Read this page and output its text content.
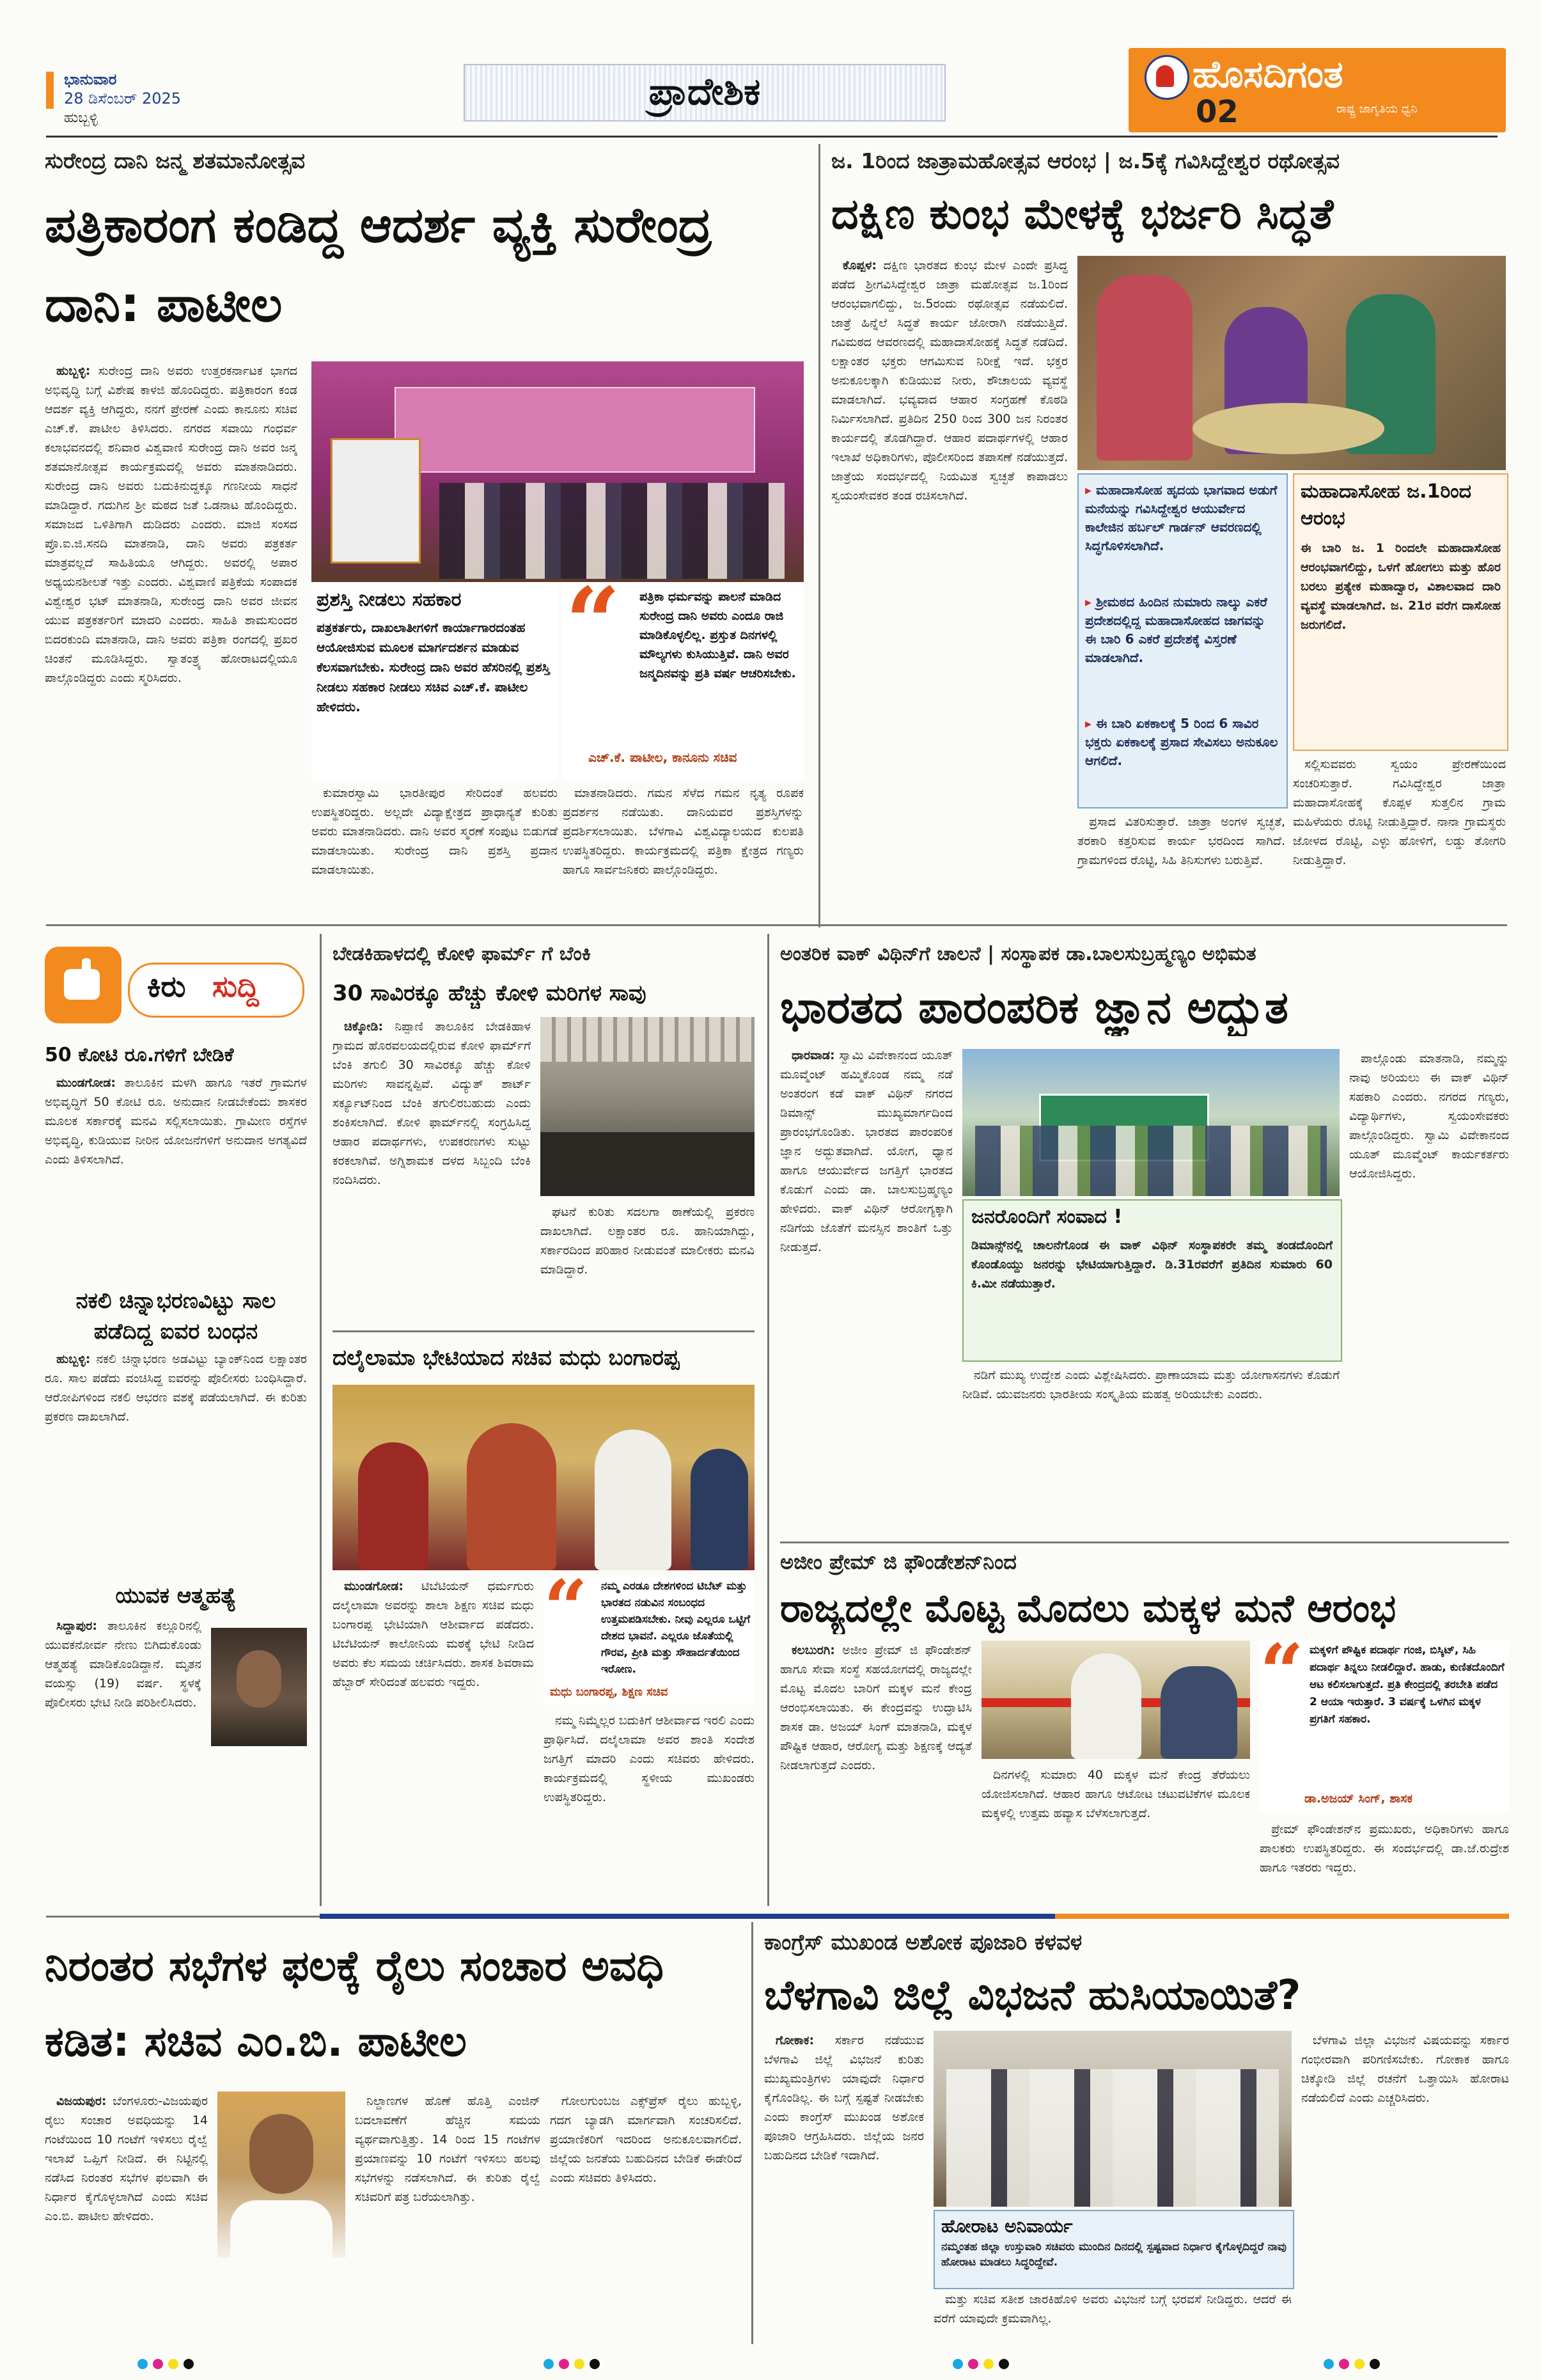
ಭಾನುವಾರ
28 ಡಿಸೆಂಬರ್ 2025
ಹುಬ್ಬಳ್ಳಿ
ಪ್ರಾದೇಶಿಕ	ಹೊಸದಿಗಂತ
ರಾಷ್ಟ್ರ ಜಾಗೃತಿಯ ಧ್ವನಿ
02
ಸುರೇಂದ್ರ ದಾನಿ ಜನ್ಮ ಶತಮಾನೋತ್ಸವ
ಪತ್ರಿಕಾರಂಗ ಕಂಡಿದ್ದ ಆದರ್ಶ ವ್ಯಕ್ತಿ ಸುರೇಂದ್ರ ದಾನಿ: ಪಾಟೀಲ

ಹುಬ್ಬಳ್ಳಿ: ಸುರೇಂದ್ರ ದಾನಿ ಅವರು ಉತ್ತರಕರ್ನಾಟಕ ಭಾಗದ ಅಭಿವೃದ್ಧಿ ಬಗ್ಗೆ ವಿಶೇಷ ಕಾಳಜಿ ಹೊಂದಿದ್ದರು. ಪತ್ರಿಕಾರಂಗ ಕಂಡ ಆದರ್ಶ ವ್ಯಕ್ತಿ ಆಗಿದ್ದರು, ನನಗೆ ಪ್ರೇರಣೆ ಎಂದು ಕಾನೂನು ಸಚಿವ ಎಚ್.ಕೆ. ಪಾಟೀಲ ತಿಳಿಸಿದರು. ನಗರದ ಸವಾಯಿ ಗಂಧರ್ವ ಕಲಾಭವನದಲ್ಲಿ ಶನಿವಾರ ವಿಶ್ವವಾಣಿ ಸುರೇಂದ್ರ ದಾನಿ ಅವರ ಜನ್ಮ ಶತಮಾನೋತ್ಸವ ಕಾರ್ಯಕ್ರಮದಲ್ಲಿ ಅವರು ಮಾತನಾಡಿದರು. ಸುರೇಂದ್ರ ದಾನಿ ಅವರು ಬದುಕಿನುದ್ದಕ್ಕೂ ಗಣನೀಯ ಸಾಧನೆ ಮಾಡಿದ್ದಾರೆ. ಗದುಗಿನ ಶ್ರೀ ಮಠದ ಜತೆ ಒಡನಾಟ ಹೊಂದಿದ್ದರು. ಸಮಾಜದ ಒಳಿತಿಗಾಗಿ ದುಡಿದರು ಎಂದರು. ಮಾಜಿ ಸಂಸದ ಪ್ರೊ.ಐ.ಜಿ.ಸನದಿ ಮಾತನಾಡಿ, ದಾನಿ ಅವರು ಪತ್ರಕರ್ತ ಮಾತ್ರವಲ್ಲದೆ ಸಾಹಿತಿಯೂ ಆಗಿದ್ದರು. ಅವರಲ್ಲಿ ಅಪಾರ ಅಧ್ಯಯನಶೀಲತೆ ಇತ್ತು ಎಂದರು. ವಿಶ್ವವಾಣಿ ಪತ್ರಿಕೆಯ ಸಂಪಾದಕ ವಿಶ್ವೇಶ್ವರ ಭಟ್ ಮಾತನಾಡಿ, ಸುರೇಂದ್ರ ದಾನಿ ಅವರ ಜೀವನ ಯುವ ಪತ್ರಕರ್ತರಿಗೆ ಮಾದರಿ ಎಂದರು. ಸಾಹಿತಿ ಶಾಮಸುಂದರ ಬಿದರಕುಂದಿ ಮಾತನಾಡಿ, ದಾನಿ ಅವರು ಪತ್ರಿಕಾ ರಂಗದಲ್ಲಿ ಪ್ರಖರ ಚಿಂತನೆ ಮೂಡಿಸಿದ್ದರು. ಸ್ವಾತಂತ್ರ್ಯ ಹೋರಾಟದಲ್ಲಿಯೂ ಪಾಲ್ಗೊಂಡಿದ್ದರು ಎಂದು ಸ್ಮರಿಸಿದರು.

ಪ್ರಶಸ್ತಿ ನೀಡಲು ಸಹಕಾರ
ಪತ್ರಕರ್ತರು, ದಾಖಲಾತೀಗಳಿಗೆ ಕಾರ್ಯಾಗಾರದಂತಹ ಆಯೋಜಿಸುವ ಮೂಲಕ ಮಾರ್ಗದರ್ಶನ ಮಾಡುವ ಕೆಲಸವಾಗಬೇಕು. ಸುರೇಂದ್ರ ದಾನಿ ಅವರ ಹೆಸರಿನಲ್ಲಿ ಪ್ರಶಸ್ತಿ ನೀಡಲು ಸಹಕಾರ ನೀಡಲು ಸಚಿವ ಎಚ್.ಕೆ. ಪಾಟೀಲ ಹೇಳಿದರು.
“ ಪತ್ರಿಕಾ ಧರ್ಮವನ್ನು ಪಾಲನೆ ಮಾಡಿದ ಸುರೇಂದ್ರ ದಾನಿ ಅವರು ಎಂದೂ ರಾಜಿ ಮಾಡಿಕೊಳ್ಳಲಿಲ್ಲ. ಪ್ರಸ್ತುತ ದಿನಗಳಲ್ಲಿ ಮೌಲ್ಯಗಳು ಕುಸಿಯುತ್ತಿವೆ. ದಾನಿ ಅವರ ಜನ್ಮದಿನವನ್ನು ಪ್ರತಿ ವರ್ಷ ಆಚರಿಸಬೇಕು.
ಎಚ್.ಕೆ. ಪಾಟೀಲ, ಕಾನೂನು ಸಚಿವ

ಕುಮಾರಸ್ವಾಮಿ ಭಾರತೀಪುರ ಸೇರಿದಂತೆ ಹಲವರು ಉಪಸ್ಥಿತರಿದ್ದರು. ಅಲ್ಲದೇ ವಿದ್ಯಾಕ್ಷೇತ್ರದ ಪ್ರಾಧಾನ್ಯತೆ ಕುರಿತು ಅವರು ಮಾತನಾಡಿದರು. ದಾನಿ ಅವರ ಸ್ಮರಣೆ ಸಂಪುಟ ಬಿಡುಗಡೆ ಮಾಡಲಾಯಿತು. ಸುರೇಂದ್ರ ದಾನಿ ಪ್ರಶಸ್ತಿ ಪ್ರದಾನ ಮಾಡಲಾಯಿತು.

ಮಾತನಾಡಿದರು. ಗಮನ ಸೆಳೆದ ಗಮನ ನೃತ್ಯ ರೂಪಕ ಪ್ರದರ್ಶನ ನಡೆಯಿತು. ದಾನಿಯವರ ಪ್ರಶಸ್ತಿಗಳನ್ನು ಪ್ರದರ್ಶಿಸಲಾಯಿತು. ಬೆಳಗಾವಿ ವಿಶ್ವವಿದ್ಯಾಲಯದ ಕುಲಪತಿ ಉಪಸ್ಥಿತರಿದ್ದರು. ಕಾರ್ಯಕ್ರಮದಲ್ಲಿ ಪತ್ರಿಕಾ ಕ್ಷೇತ್ರದ ಗಣ್ಯರು ಹಾಗೂ ಸಾರ್ವಜನಿಕರು ಪಾಲ್ಗೊಂಡಿದ್ದರು.

ಜ. 1ರಿಂದ ಜಾತ್ರಾಮಹೋತ್ಸವ ಆರಂಭ | ಜ.5ಕ್ಕೆ ಗವಿಸಿದ್ದೇಶ್ವರ ರಥೋತ್ಸವ
ದಕ್ಷಿಣ ಕುಂಭ ಮೇಳಕ್ಕೆ ಭರ್ಜರಿ ಸಿದ್ಧತೆ

ಕೊಪ್ಪಳ: ದಕ್ಷಿಣ ಭಾರತದ ಕುಂಭ ಮೇಳ ಎಂದೇ ಪ್ರಸಿದ್ಧ ಪಡೆದ ಶ್ರೀಗವಿಸಿದ್ದೇಶ್ವರ ಜಾತ್ರಾ ಮಹೋತ್ಸವ ಜ.1ರಿಂದ ಆರಂಭವಾಗಲಿದ್ದು, ಜ.5ರಂದು ರಥೋತ್ಸವ ನಡೆಯಲಿದೆ. ಜಾತ್ರೆ ಹಿನ್ನೆಲೆ ಸಿದ್ಧತೆ ಕಾರ್ಯ ಜೋರಾಗಿ ನಡೆಯುತ್ತಿದೆ. ಗವಿಮಠದ ಆವರಣದಲ್ಲಿ ಮಹಾದಾಸೋಹಕ್ಕೆ ಸಿದ್ಧತೆ ನಡೆದಿದೆ. ಲಕ್ಷಾಂತರ ಭಕ್ತರು ಆಗಮಿಸುವ ನಿರೀಕ್ಷೆ ಇದೆ. ಭಕ್ತರ ಅನುಕೂಲಕ್ಕಾಗಿ ಕುಡಿಯುವ ನೀರು, ಶೌಚಾಲಯ ವ್ಯವಸ್ಥೆ ಮಾಡಲಾಗಿದೆ. ಭವ್ಯವಾದ ಆಹಾರ ಸಂಗ್ರಹಣೆ ಕೊಠಡಿ ನಿರ್ಮಿಸಲಾಗಿದೆ. ಪ್ರತಿದಿನ 250 ರಿಂದ 300 ಜನ ನಿರಂತರ ಕಾರ್ಯದಲ್ಲಿ ತೊಡಗಿದ್ದಾರೆ. ಆಹಾರ ಪದಾರ್ಥಗಳಲ್ಲಿ ಆಹಾರ ಇಲಾಖೆ ಅಧಿಕಾರಿಗಳು, ಪೊಲೀಸರಿಂದ ತಪಾಸಣೆ ನಡೆಯುತ್ತದೆ. ಜಾತ್ರೆಯ ಸಂದರ್ಭದಲ್ಲಿ ನಿಯಮಿತ ಸ್ವಚ್ಛತೆ ಕಾಪಾಡಲು ಸ್ವಯಂಸೇವಕರ ತಂಡ ರಚಿಸಲಾಗಿದೆ.	▸ ಮಹಾದಾಸೋಹ ಹೃದಯ ಭಾಗವಾದ ಅಡುಗೆ ಮನೆಯನ್ನು ಗವಿಸಿದ್ದೇಶ್ವರ ಆಯುರ್ವೇದ ಕಾಲೇಜಿನ ಹರ್ಬಲ್ ಗಾರ್ಡನ್ ಆವರಣದಲ್ಲಿ ಸಿದ್ಧಗೊಳಿಸಲಾಗಿದೆ.
▸ ಶ್ರೀಮಠದ ಹಿಂದಿನ ನುಮಾರು ನಾಲ್ಕು ಎಕರೆ ಪ್ರದೇಶದಲ್ಲಿದ್ದ ಮಹಾದಾಸೋಹದ ಜಾಗವನ್ನು ಈ ಬಾರಿ 6 ಎಕರೆ ಪ್ರದೇಶಕ್ಕೆ ವಿಸ್ತರಣೆ ಮಾಡಲಾಗಿದೆ.
▸ ಈ ಬಾರಿ ಏಕಕಾಲಕ್ಕೆ 5 ರಿಂದ 6 ಸಾವಿರ ಭಕ್ತರು ಏಕಕಾಲಕ್ಕೆ ಪ್ರಸಾದ ಸೇವಿಸಲು ಅನುಕೂಲ ಆಗಲಿದೆ.
ಮಹಾದಾಸೋಹ ಜ.1ರಿಂದ ಆರಂಭ
ಈ ಬಾರಿ ಜ. 1 ರಿಂದಲೇ ಮಹಾದಾಸೋಹ ಆರಂಭವಾಗಲಿದ್ದು, ಒಳಗೆ ಹೋಗಲು ಮತ್ತು ಹೊರ ಬರಲು ಪ್ರತ್ಯೇಕ ಮಹಾದ್ವಾರ, ವಿಶಾಲವಾದ ದಾರಿ ವ್ಯವಸ್ಥೆ ಮಾಡಲಾಗಿದೆ. ಜ. 21ರ ವರೆಗ ದಾಸೋಹ ಜರುಗಲಿದೆ.

ಪ್ರಸಾದ ವಿತರಿಸುತ್ತಾರೆ. ಜಾತ್ರಾ ಅಂಗಳ ಸ್ವಚ್ಛತೆ, ತರಕಾರಿ ಕತ್ತರಿಸುವ ಕಾರ್ಯ ಭರದಿಂದ ಸಾಗಿದೆ. ಗ್ರಾಮಗಳಿಂದ ರೊಟ್ಟಿ, ಸಿಹಿ ತಿನಿಸುಗಳು ಬರುತ್ತಿವೆ.

ಸಲ್ಲಿಸುವವರು ಸ್ವಯಂ ಪ್ರೇರಣೆಯಿಂದ ಸಂಚರಿಸುತ್ತಾರೆ. ಗವಿಸಿದ್ದೇಶ್ವರ ಜಾತ್ರಾ ಮಹಾದಾಸೋಹಕ್ಕೆ ಕೊಪ್ಪಳ ಸುತ್ತಲಿನ ಗ್ರಾಮ ಮಹಿಳೆಯರು ರೊಟ್ಟಿ ನೀಡುತ್ತಿದ್ದಾರೆ. ನಾನಾ ಗ್ರಾಮಸ್ಥರು ಜೋಳದ ರೊಟ್ಟಿ, ಎಳ್ಳು ಹೋಳಿಗೆ, ಲಡ್ಡು ತೋಗರಿ ನೀಡುತ್ತಿದ್ದಾರೆ.

ಕಿರು ಸುದ್ದಿ
50 ಕೋಟಿ ರೂ.ಗಳಿಗೆ ಬೇಡಿಕೆ

ಮುಂಡಗೋಡ: ತಾಲೂಕಿನ ಮಳಗಿ ಹಾಗೂ ಇತರೆ ಗ್ರಾಮಗಳ ಅಭಿವೃದ್ಧಿಗೆ 50 ಕೋಟಿ ರೂ. ಅನುದಾನ ನೀಡಬೇಕೆಂದು ಶಾಸಕರ ಮೂಲಕ ಸರ್ಕಾರಕ್ಕೆ ಮನವಿ ಸಲ್ಲಿಸಲಾಯಿತು. ಗ್ರಾಮೀಣ ರಸ್ತೆಗಳ ಅಭಿವೃದ್ಧಿ, ಕುಡಿಯುವ ನೀರಿನ ಯೋಜನೆಗಳಿಗೆ ಅನುದಾನ ಅಗತ್ಯವಿದೆ ಎಂದು ತಿಳಿಸಲಾಗಿದೆ.

ನಕಲಿ ಚಿನ್ನಾಭರಣವಿಟ್ಟು ಸಾಲ ಪಡೆದಿದ್ದ ಐವರ ಬಂಧನ

ಹುಬ್ಬಳ್ಳಿ: ನಕಲಿ ಚಿನ್ನಾಭರಣ ಅಡವಿಟ್ಟು ಬ್ಯಾಂಕ್‌ನಿಂದ ಲಕ್ಷಾಂತರ ರೂ. ಸಾಲ ಪಡೆದು ವಂಚಿಸಿದ್ದ ಐವರನ್ನು ಪೊಲೀಸರು ಬಂಧಿಸಿದ್ದಾರೆ. ಆರೋಪಿಗಳಿಂದ ನಕಲಿ ಆಭರಣ ವಶಕ್ಕೆ ಪಡೆಯಲಾಗಿದೆ. ಈ ಕುರಿತು ಪ್ರಕರಣ ದಾಖಲಾಗಿದೆ.

ಯುವಕ ಆತ್ಮಹತ್ಯೆ

ಸಿದ್ದಾಪುರ: ತಾಲೂಕಿನ ಕಲ್ಲೂರಿನಲ್ಲಿ ಯುವಕನೋರ್ವ ನೇಣು ಬಿಗಿದುಕೊಂಡು ಆತ್ಮಹತ್ಯೆ ಮಾಡಿಕೊಂಡಿದ್ದಾನೆ. ಮೃತನ ವಯಸ್ಸು (19) ವರ್ಷ. ಸ್ಥಳಕ್ಕೆ ಪೊಲೀಸರು ಭೇಟಿ ನೀಡಿ ಪರಿಶೀಲಿಸಿದರು.

ಬೇಡಕಿಹಾಳದಲ್ಲಿ ಕೋಳಿ ಫಾರ್ಮ್ ಗೆ ಬೆಂಕಿ
30 ಸಾವಿರಕ್ಕೂ ಹೆಚ್ಚು ಕೋಳಿ ಮರಿಗಳ ಸಾವು

ಚಿಕ್ಕೋಡಿ: ನಿಪ್ಪಾಣಿ ತಾಲೂಕಿನ ಬೇಡಕಿಹಾಳ ಗ್ರಾಮದ ಹೊರವಲಯದಲ್ಲಿರುವ ಕೋಳಿ ಫಾರ್ಮ್‌ಗೆ ಬೆಂಕಿ ತಗುಲಿ 30 ಸಾವಿರಕ್ಕೂ ಹೆಚ್ಚು ಕೋಳಿ ಮರಿಗಳು ಸಾವನ್ನಪ್ಪಿವೆ. ವಿದ್ಯುತ್ ಶಾರ್ಟ್ ಸರ್ಕ್ಯೂಟ್‌ನಿಂದ ಬೆಂಕಿ ತಗುಲಿರಬಹುದು ಎಂದು ಶಂಕಿಸಲಾಗಿದೆ. ಕೋಳಿ ಫಾರ್ಮ್‌ನಲ್ಲಿ ಸಂಗ್ರಹಿಸಿದ್ದ ಆಹಾರ ಪದಾರ್ಥಗಳು, ಉಪಕರಣಗಳು ಸುಟ್ಟು ಕರಕಲಾಗಿವೆ. ಅಗ್ನಿಶಾಮಕ ದಳದ ಸಿಬ್ಬಂದಿ ಬೆಂಕಿ ನಂದಿಸಿದರು.

ಘಟನೆ ಕುರಿತು ಸದಲಗಾ ಠಾಣೆಯಲ್ಲಿ ಪ್ರಕರಣ ದಾಖಲಾಗಿದೆ. ಲಕ್ಷಾಂತರ ರೂ. ಹಾನಿಯಾಗಿದ್ದು, ಸರ್ಕಾರದಿಂದ ಪರಿಹಾರ ನೀಡುವಂತೆ ಮಾಲೀಕರು ಮನವಿ ಮಾಡಿದ್ದಾರೆ.

ದಲೈಲಾಮಾ ಭೇಟಿಯಾದ ಸಚಿವ ಮಧು ಬಂಗಾರಪ್ಪ

ಮುಂಡಗೋಡ: ಟಿಬೆಟಿಯನ್ ಧರ್ಮಗುರು ದಲೈಲಾಮಾ ಅವರನ್ನು ಶಾಲಾ ಶಿಕ್ಷಣ ಸಚಿವ ಮಧು ಬಂಗಾರಪ್ಪ ಭೇಟಿಯಾಗಿ ಆಶೀರ್ವಾದ ಪಡೆದರು. ಟಿಬೆಟಿಯನ್ ಕಾಲೋನಿಯ ಮಠಕ್ಕೆ ಭೇಟಿ ನೀಡಿದ ಅವರು ಕೆಲ ಸಮಯ ಚರ್ಚಿಸಿದರು. ಶಾಸಕ ಶಿವರಾಮ ಹೆಬ್ಬಾರ್ ಸೇರಿದಂತೆ ಹಲವರು ಇದ್ದರು.

“ ನಮ್ಮ ಎರಡೂ ದೇಶಗಳಿಂದ ಟಿಬೆಟ್ ಮತ್ತು ಭಾರತದ ನಡುವಿನ ಸಂಬಂಧದ ಉತ್ತಮಪಡಿಸಬೇಕು. ನೀವು ಎಲ್ಲರೂ ಒಟ್ಟಿಗೆ ದೇಶದ ಭಾವನೆ. ಎಲ್ಲರೂ ಜೊತೆಯಲ್ಲಿ ಗೌರವ, ಪ್ರೀತಿ ಮತ್ತು ಸೌಹಾರ್ದತೆಯಿಂದ ಇರೋಣ.
ಮಧು ಬಂಗಾರಪ್ಪ, ಶಿಕ್ಷಣ ಸಚಿವ

ನಮ್ಮ ನಿಮ್ಮೆಲ್ಲರ ಬದುಕಿಗೆ ಆಶೀರ್ವಾದ ಇರಲಿ ಎಂದು ಪ್ರಾರ್ಥಿಸಿದೆ. ದಲೈಲಾಮಾ ಅವರ ಶಾಂತಿ ಸಂದೇಶ ಜಗತ್ತಿಗೆ ಮಾದರಿ ಎಂದು ಸಚಿವರು ಹೇಳಿದರು. ಕಾರ್ಯಕ್ರಮದಲ್ಲಿ ಸ್ಥಳೀಯ ಮುಖಂಡರು ಉಪಸ್ಥಿತರಿದ್ದರು.

ಅಂತರಿಕ ವಾಕ್ ವಿಥಿನ್‌ಗೆ ಚಾಲನೆ | ಸಂಸ್ಥಾಪಕ ಡಾ.ಬಾಲಸುಬ್ರಹ್ಮಣ್ಯಂ ಅಭಿಮತ
ಭಾರತದ ಪಾರಂಪರಿಕ ಜ್ಞಾನ ಅದ್ಭುತ

ಧಾರವಾಡ: ಸ್ವಾಮಿ ವಿವೇಕಾನಂದ ಯೂತ್ ಮೂವ್ಮೆಂಟ್ ಹಮ್ಮಿಕೊಂಡ ನಮ್ಮ ನಡೆ ಅಂತರಂಗ ಕಡೆ ವಾಕ್ ವಿಥಿನ್ ನಗರದ ಡಿಮಾನ್ಸ್ ಮುಖ್ಯಮಾರ್ಗದಿಂದ ಪ್ರಾರಂಭಗೊಂಡಿತು. ಭಾರತದ ಪಾರಂಪರಿಕ ಜ್ಞಾನ ಅದ್ಭುತವಾಗಿದೆ. ಯೋಗ, ಧ್ಯಾನ ಹಾಗೂ ಆಯುರ್ವೇದ ಜಗತ್ತಿಗೆ ಭಾರತದ ಕೊಡುಗೆ ಎಂದು ಡಾ. ಬಾಲಸುಬ್ರಹ್ಮಣ್ಯಂ ಹೇಳಿದರು. ವಾಕ್ ವಿಥಿನ್ ಆರೋಗ್ಯಕ್ಕಾಗಿ ನಡಿಗೆಯ ಜೊತೆಗೆ ಮನಸ್ಸಿನ ಶಾಂತಿಗೆ ಒತ್ತು ನೀಡುತ್ತದೆ.

ಜನರೊಂದಿಗೆ ಸಂವಾದ !
ಡಿಮಾನ್ಸ್‌ನಲ್ಲಿ ಚಾಲನೆಗೊಂಡ ಈ ವಾಕ್ ವಿಥಿನ್ ಸಂಸ್ಥಾಪಕರೇ ತಮ್ಮ ತಂಡದೊಂದಿಗೆ ಕೊಂಡೊಯ್ದು ಜನರನ್ನು ಭೇಟಿಯಾಗುತ್ತಿದ್ದಾರೆ. ಡಿ.31ರವರೆಗೆ ಪ್ರತಿದಿನ ಸುಮಾರು 60 ಕಿ.ಮೀ ನಡೆಯುತ್ತಾರೆ.

ನಡಿಗೆ ಮುಖ್ಯ ಉದ್ದೇಶ ಎಂದು ವಿಶ್ಲೇಷಿಸಿದರು. ಪ್ರಾಣಾಯಾಮ ಮತ್ತು ಯೋಗಾಸನಗಳು ಕೊಡುಗೆ ನೀಡಿವೆ. ಯುವಜನರು ಭಾರತೀಯ ಸಂಸ್ಕೃತಿಯ ಮಹತ್ವ ಅರಿಯಬೇಕು ಎಂದರು.

ಪಾಲ್ಗೊಂಡು ಮಾತನಾಡಿ, ನಮ್ಮನ್ನು ನಾವು ಅರಿಯಲು ಈ ವಾಕ್ ವಿಥಿನ್ ಸಹಕಾರಿ ಎಂದರು. ನಗರದ ಗಣ್ಯರು, ವಿದ್ಯಾರ್ಥಿಗಳು, ಸ್ವಯಂಸೇವಕರು ಪಾಲ್ಗೊಂಡಿದ್ದರು. ಸ್ವಾಮಿ ವಿವೇಕಾನಂದ ಯೂತ್ ಮೂವ್ಮೆಂಟ್ ಕಾರ್ಯಕರ್ತರು ಆಯೋಜಿಸಿದ್ದರು.

ಅಜೀಂ ಪ್ರೇಮ್ ಜಿ ಫೌಂಡೇಶನ್‌ನಿಂದ
ರಾಜ್ಯದಲ್ಲೇ ಮೊಟ್ಟ ಮೊದಲು ಮಕ್ಕಳ ಮನೆ ಆರಂಭ

ಕಲಬುರಗಿ: ಅಜೀಂ ಪ್ರೇಮ್ ಜಿ ಫೌಂಡೇಶನ್ ಹಾಗೂ ಸೇವಾ ಸಂಸ್ಥೆ ಸಹಯೋಗದಲ್ಲಿ ರಾಜ್ಯದಲ್ಲೇ ಮೊಟ್ಟ ಮೊದಲ ಬಾರಿಗೆ ಮಕ್ಕಳ ಮನೆ ಕೇಂದ್ರ ಆರಂಭಿಸಲಾಯಿತು. ಈ ಕೇಂದ್ರವನ್ನು ಉದ್ಘಾಟಿಸಿ ಶಾಸಕ ಡಾ. ಅಜಯ್ ಸಿಂಗ್ ಮಾತನಾಡಿ, ಮಕ್ಕಳ ಪೌಷ್ಟಿಕ ಆಹಾರ, ಆರೋಗ್ಯ ಮತ್ತು ಶಿಕ್ಷಣಕ್ಕೆ ಆದ್ಯತೆ ನೀಡಲಾಗುತ್ತದೆ ಎಂದರು.

ದಿನಗಳಲ್ಲಿ ಸುಮಾರು 40 ಮಕ್ಕಳ ಮನೆ ಕೇಂದ್ರ ತೆರೆಯಲು ಯೋಜಿಸಲಾಗಿದೆ. ಆಹಾರ ಹಾಗೂ ಆಟೋಟ ಚಟುವಟಿಕೆಗಳ ಮೂಲಕ ಮಕ್ಕಳಲ್ಲಿ ಉತ್ತಮ ಹವ್ಯಾಸ ಬೆಳೆಸಲಾಗುತ್ತದೆ.

“ ಮಕ್ಕಳಿಗೆ ಪೌಷ್ಟಿಕ ಪದಾರ್ಥ ಗಂಜಿ, ಬಿಸ್ಕಿಟ್, ಸಿಹಿ ಪದಾರ್ಥ ತಿನ್ನಲು ನೀಡಲಿದ್ದಾರೆ. ಹಾಡು, ಕುಣಿತದೊಂದಿಗೆ ಆಟ ಕಲಿಸಲಾಗುತ್ತದೆ. ಪ್ರತಿ ಕೇಂದ್ರದಲ್ಲಿ ತರಬೇತಿ ಪಡೆದ 2 ಆಯಾ ಇರುತ್ತಾರೆ. 3 ವರ್ಷಕ್ಕೆ ಒಳಗಿನ ಮಕ್ಕಳ ಪ್ರಗತಿಗೆ ಸಹಕಾರ.
ಡಾ.ಅಜಯ್ ಸಿಂಗ್, ಶಾಸಕ

ಪ್ರೇಮ್ ಫೌಂಡೇಶನ್‌ನ ಪ್ರಮುಖರು, ಅಧಿಕಾರಿಗಳು ಹಾಗೂ ಪಾಲಕರು ಉಪಸ್ಥಿತರಿದ್ದರು. ಈ ಸಂದರ್ಭದಲ್ಲಿ ಡಾ.ಜೆ.ರುದ್ರೇಶ ಹಾಗೂ ಇತರರು ಇದ್ದರು.

ನಿರಂತರ ಸಭೆಗಳ ಫಲಕ್ಕೆ ರೈಲು ಸಂಚಾರ ಅವಧಿ ಕಡಿತ: ಸಚಿವ ಎಂ.ಬಿ. ಪಾಟೀಲ

ವಿಜಯಪುರ: ಬೆಂಗಳೂರು-ವಿಜಯಪುರ ರೈಲು ಸಂಚಾರ ಅವಧಿಯನ್ನು 14 ಗಂಟೆಯಿಂದ 10 ಗಂಟೆಗೆ ಇಳಿಸಲು ರೈಲ್ವೆ ಇಲಾಖೆ ಒಪ್ಪಿಗೆ ನೀಡಿದೆ. ಈ ನಿಟ್ಟಿನಲ್ಲಿ ನಡೆಸಿದ ನಿರಂತರ ಸಭೆಗಳ ಫಲವಾಗಿ ಈ ನಿರ್ಧಾರ ಕೈಗೊಳ್ಳಲಾಗಿದೆ ಎಂದು ಸಚಿವ ಎಂ.ಬಿ. ಪಾಟೀಲ ಹೇಳಿದರು.

ನಿಲ್ದಾಣಗಳ ಹೊಣೆ ಹೊತ್ತಿ ಎಂಜಿನ್ ಬದಲಾವಣೆಗೆ ಹೆಚ್ಚಿನ ಸಮಯ ವ್ಯರ್ಥವಾಗುತ್ತಿತ್ತು. 14 ರಿಂದ 15 ಗಂಟೆಗಳ ಪ್ರಯಾಣವನ್ನು 10 ಗಂಟೆಗೆ ಇಳಿಸಲು ಹಲವು ಸಭೆಗಳನ್ನು ನಡೆಸಲಾಗಿದೆ. ಈ ಕುರಿತು ರೈಲ್ವೆ ಸಚಿವರಿಗೆ ಪತ್ರ ಬರೆಯಲಾಗಿತ್ತು.

ಗೋಲಗುಂಬಜ ಎಕ್ಸ್‌ಪ್ರೆಸ್ ರೈಲು ಹುಬ್ಬಳ್ಳಿ, ಗದಗ ಬ್ಯಾಡಗಿ ಮಾರ್ಗವಾಗಿ ಸಂಚರಿಸಲಿದೆ. ಪ್ರಯಾಣಿಕರಿಗೆ ಇದರಿಂದ ಅನುಕೂಲವಾಗಲಿದೆ. ಜಿಲ್ಲೆಯ ಜನತೆಯ ಬಹುದಿನದ ಬೇಡಿಕೆ ಈಡೇರಿದೆ ಎಂದು ಸಚಿವರು ತಿಳಿಸಿದರು.

ಕಾಂಗ್ರೆಸ್ ಮುಖಂಡ ಅಶೋಕ ಪೂಜಾರಿ ಕಳವಳ
ಬೆಳಗಾವಿ ಜಿಲ್ಲೆ ವಿಭಜನೆ ಹುಸಿಯಾಯಿತೆ?

ಗೋಕಾಕ: ಸರ್ಕಾರ ನಡೆಯುವ ಬೆಳಗಾವಿ ಜಿಲ್ಲೆ ವಿಭಜನೆ ಕುರಿತು ಮುಖ್ಯಮಂತ್ರಿಗಳು ಯಾವುದೇ ನಿರ್ಧಾರ ಕೈಗೊಂಡಿಲ್ಲ. ಈ ಬಗ್ಗೆ ಸ್ಪಷ್ಟತೆ ನೀಡಬೇಕು ಎಂದು ಕಾಂಗ್ರೆಸ್ ಮುಖಂಡ ಅಶೋಕ ಪೂಜಾರಿ ಆಗ್ರಹಿಸಿದರು. ಜಿಲ್ಲೆಯ ಜನರ ಬಹುದಿನದ ಬೇಡಿಕೆ ಇದಾಗಿದೆ.

ಹೋರಾಟ ಅನಿವಾರ್ಯ
ನಮ್ಮಂತಹ ಜಿಲ್ಲಾ ಉಸ್ತುವಾರಿ ಸಚಿವರು ಮುಂದಿನ ದಿನದಲ್ಲಿ ಸ್ಪಷ್ಟವಾದ ನಿರ್ಧಾರ ಕೈಗೊಳ್ಳದಿದ್ದರೆ ನಾವು ಹೋರಾಟ ಮಾಡಲು ಸಿದ್ಧರಿದ್ದೇವೆ.

ಮತ್ತು ಸಚಿವ ಸತೀಶ ಜಾರಕಿಹೊಳಿ ಅವರು ವಿಭಜನೆ ಬಗ್ಗೆ ಭರವಸೆ ನೀಡಿದ್ದರು. ಆದರೆ ಈ ವರೆಗೆ ಯಾವುದೇ ಕ್ರಮವಾಗಿಲ್ಲ.

ಬೆಳಗಾವಿ ಜಿಲ್ಲಾ ವಿಭಜನೆ ವಿಷಯವನ್ನು ಸರ್ಕಾರ ಗಂಭೀರವಾಗಿ ಪರಿಗಣಿಸಬೇಕು. ಗೋಕಾಕ ಹಾಗೂ ಚಿಕ್ಕೋಡಿ ಜಿಲ್ಲೆ ರಚನೆಗೆ ಒತ್ತಾಯಿಸಿ ಹೋರಾಟ ನಡೆಯಲಿದೆ ಎಂದು ಎಚ್ಚರಿಸಿದರು.
